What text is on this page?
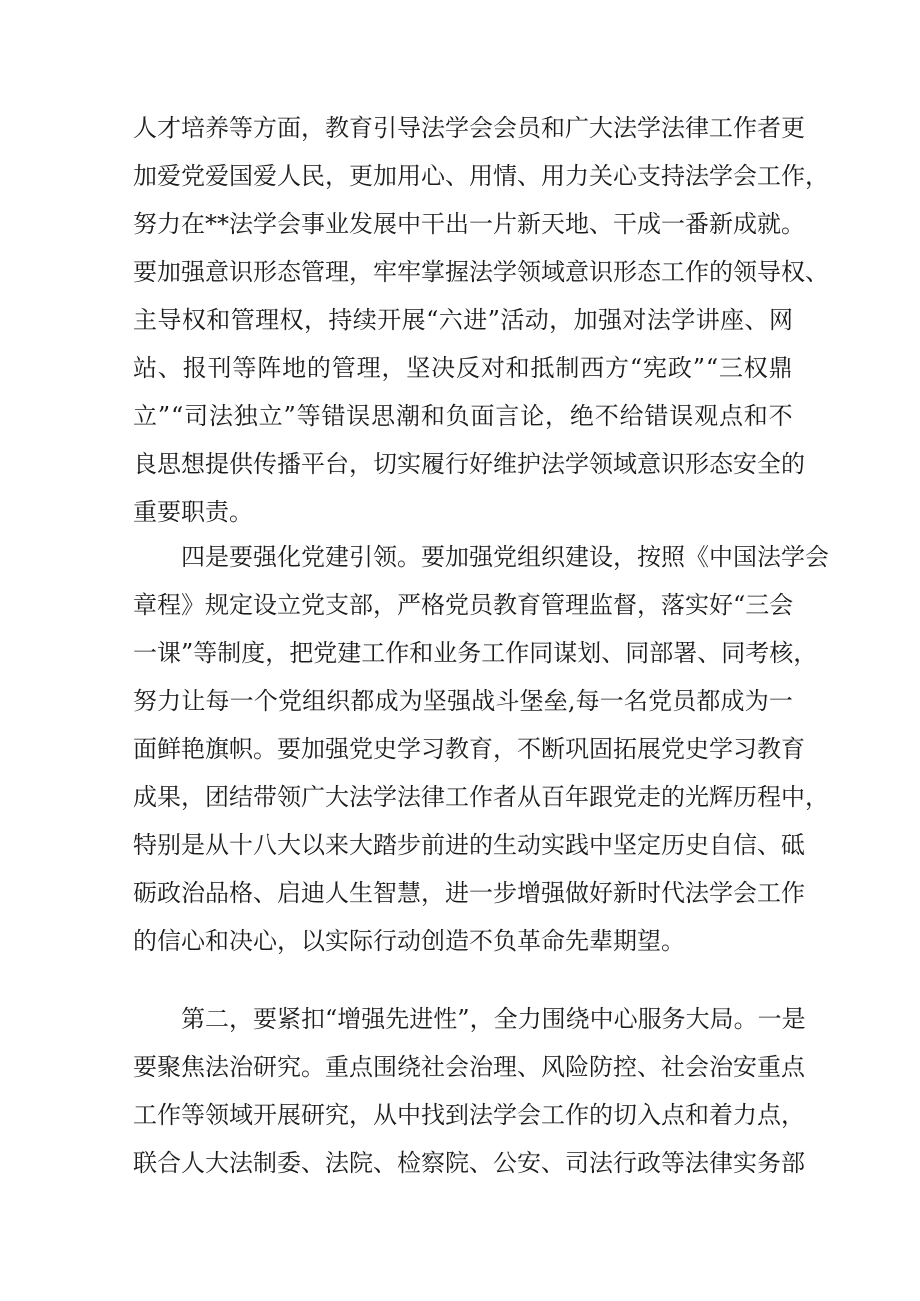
人 才 培 养 等 方 面 ， 教 育 引 导 法 学 会 会 员 和 广 大 法 学 法 律 工 作 者 更
加 爱 党 爱 国 爱 人 民 ， 更 加 用 心 、 用 情 、 用 力 关 心 支 持 法 学 会 工 作 ，
努 力 在 * * 法 学 会 事 业 发 展 中 干 出 一 片 新 天 地 、 干 成 一 番 新 成 就 。
要 加 强 意 识 形 态 管 理 ， 牢 牢 掌 握 法 学 领 域 意 识 形 态 工 作 的 领 导 权 、
主 导 权 和 管 理 权 ， 持 续 开 展 “ 六 进 ” 活 动 ， 加 强 对 法 学 讲 座 、 网
站 、 报 刊 等 阵 地 的 管 理 ， 坚 决 反 对 和 抵 制 西 方 “ 宪 政 ” “ 三 权 鼎
立 ” “ 司 法 独 立 ” 等 错 误 思 潮 和 负 面 言 论 ， 绝 不 给 错 误 观 点 和 不
良 思 想 提 供 传 播 平 台 ， 切 实 履 行 好 维 护 法 学 领 域 意 识 形 态 安 全 的
重要职责。

四 是 要 强 化 党 建 引 领 。 要 加 强 党 组 织 建 设 ， 按 照 《 中 国 法 学 会
章 程 》 规 定 设 立 党 支 部 ， 严 格 党 员 教 育 管 理 监 督 ， 落 实 好 “ 三 会
一 课 ” 等 制 度 ， 把 党 建 工 作 和 业 务 工 作 同 谋 划 、 同 部 署 、 同 考 核 ，
努 力 让 每 一 个 党 组 织 都 成 为 坚 强 战 斗 堡 垒 , 每 一 名 党 员 都 成 为 一
面 鲜 艳 旗 帜 。 要 加 强 党 史 学 习 教 育 ， 不 断 巩 固 拓 展 党 史 学 习 教 育
成 果 ， 团 结 带 领 广 大 法 学 法 律 工 作 者 从 百 年 跟 党 走 的 光 辉 历 程 中 ，
特 别 是 从 十 八 大 以 来 大 踏 步 前 进 的 生 动 实 践 中 坚 定 历 史 自 信 、 砥
砺 政 治 品 格 、 启 迪 人 生 智 慧 ， 进 一 步 增 强 做 好 新 时 代 法 学 会 工 作
的信心和决心，以实际行动创造不负革命先辈期望。

第 二 ， 要 紧 扣 “ 增 强 先 进 性 ” ， 全 力 围 绕 中 心 服 务 大 局 。 一 是
要 聚 焦 法 治 研 究 。 重 点 围 绕 社 会 治 理 、 风 险 防 控 、 社 会 治 安 重 点
工 作 等 领 域 开 展 研 究 ， 从 中 找 到 法 学 会 工 作 的 切 入 点 和 着 力 点 ，
联 合 人 大 法 制 委 、 法 院 、 检 察 院 、 公 安 、 司 法 行 政 等 法 律 实 务 部
